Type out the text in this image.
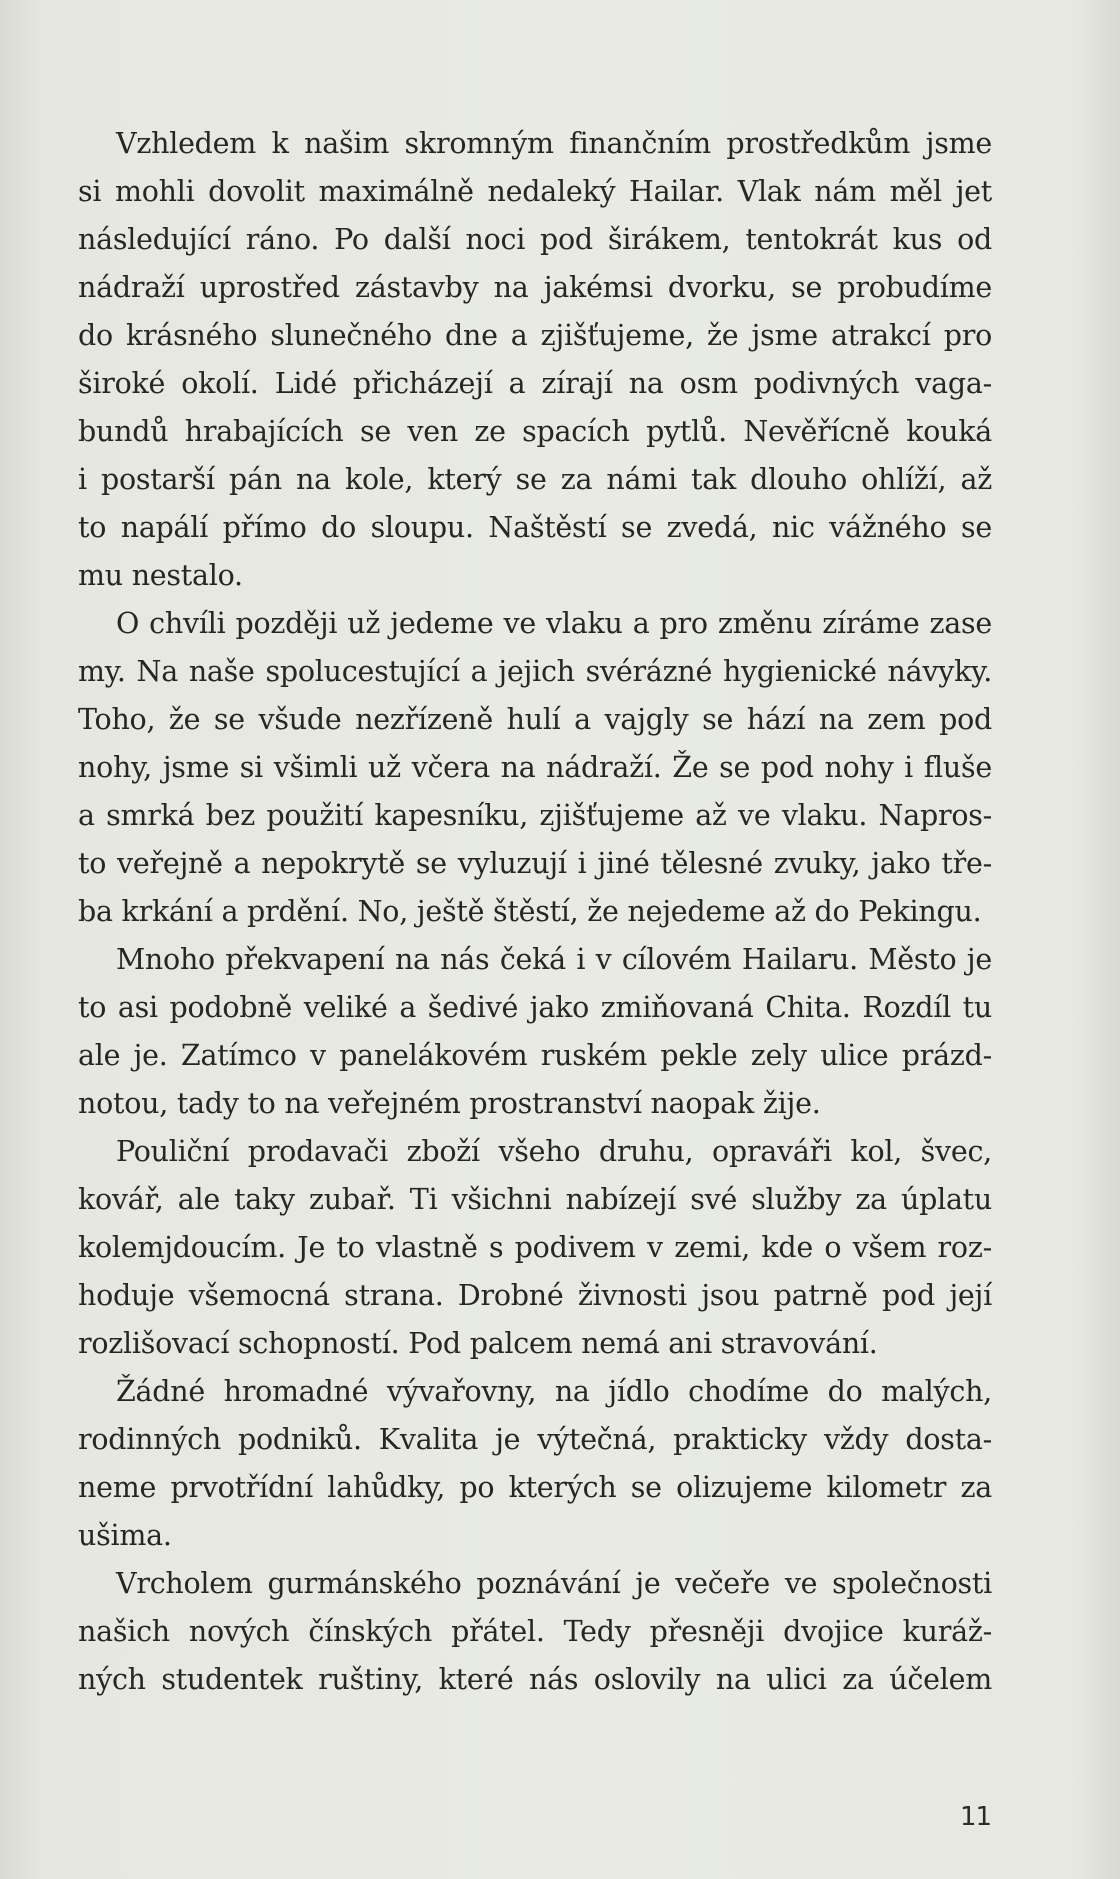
Vzhledem k našim skromným finančním prostředkům jsme
si mohli dovolit maximálně nedaleký Hailar. Vlak nám měl jet
následující ráno. Po další noci pod širákem, tentokrát kus od
nádraží uprostřed zástavby na jakémsi dvorku, se probudíme
do krásného slunečného dne a zjišťujeme, že jsme atrakcí pro
široké okolí. Lidé přicházejí a zírají na osm podivných vaga-
bundů hrabajících se ven ze spacích pytlů. Nevěřícně kouká
i postarší pán na kole, který se za námi tak dlouho ohlíží, až
to napálí přímo do sloupu. Naštěstí se zvedá, nic vážného se
mu nestalo.

O chvíli později už jedeme ve vlaku a pro změnu zíráme zase
my. Na naše spolucestující a jejich svérázné hygienické návyky.
Toho, že se všude nezřízeně hulí a vajgly se hází na zem pod
nohy, jsme si všimli už včera na nádraží. Že se pod nohy i fluše
a smrká bez použití kapesníku, zjišťujeme až ve vlaku. Napros-
to veřejně a nepokrytě se vyluzují i jiné tělesné zvuky, jako tře-
ba krkání a prdění. No, ještě štěstí, že nejedeme až do Pekingu.

Mnoho překvapení na nás čeká i v cílovém Hailaru. Město je
to asi podobně veliké a šedivé jako zmiňovaná Chita. Rozdíl tu
ale je. Zatímco v panelákovém ruském pekle zely ulice prázd-
notou, tady to na veřejném prostranství naopak žije.

Pouliční prodavači zboží všeho druhu, opraváři kol, švec,
kovář, ale taky zubař. Ti všichni nabízejí své služby za úplatu
kolemjdoucím. Je to vlastně s podivem v zemi, kde o všem roz-
hoduje všemocná strana. Drobné živnosti jsou patrně pod její
rozlišovací schopností. Pod palcem nemá ani stravování.

Žádné hromadné vývařovny, na jídlo chodíme do malých,
rodinných podniků. Kvalita je výtečná, prakticky vždy dosta-
neme prvotřídní lahůdky, po kterých se olizujeme kilometr za
ušima.

Vrcholem gurmánského poznávání je večeře ve společnosti
našich nových čínských přátel. Tedy přesněji dvojice kuráž-
ných studentek ruštiny, které nás oslovily na ulici za účelem

11
